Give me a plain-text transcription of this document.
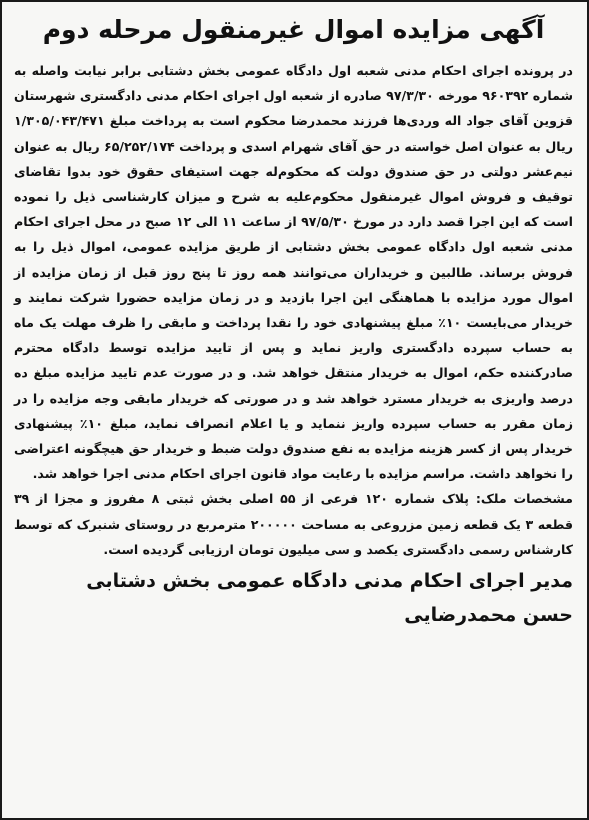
آگهی مزایده اموال غیرمنقول مرحله دوم

در پرونده اجرای احکام مدنی شعبه اول دادگاه عمومی بخش دشتابی برابر نیابت واصله به شماره ۹۶۰۳۹۲ مورخه ۹۷/۳/۳۰ صادره از شعبه اول اجرای احکام مدنی دادگستری شهرستان قزوین آقای جواد اله وردی‌ها فرزند محمدرضا محکوم است به پرداخت مبلغ ۱/۳۰۵/۰۴۳/۴۷۱ ریال به عنوان اصل خواسته در حق آقای شهرام اسدی و پرداخت ۶۵/۲۵۲/۱۷۴ ریال به عنوان نیم‌عشر دولتی در حق صندوق دولت که محکوم‌له جهت استیفای حقوق خود بدوا تقاضای توقیف و فروش اموال غیرمنقول محکوم‌علیه به شرح و میزان کارشناسی ذیل را نموده است که این اجرا قصد دارد در مورخ ۹۷/۵/۳۰ از ساعت ۱۱ الی ۱۲ صبح در محل اجرای احکام مدنی شعبه اول دادگاه عمومی بخش دشتابی از طریق مزایده عمومی، اموال ذیل را به فروش برساند. طالبین و خریداران می‌توانند همه روز تا پنج روز قبل از زمان مزایده از اموال مورد مزایده با هماهنگی این اجرا بازدید و در زمان مزایده حضورا شرکت نمایند و خریدار می‌بایست ۱۰٪ مبلغ پیشنهادی خود را نقدا پرداخت و مابقی را ظرف مهلت یک ماه به حساب سپرده دادگستری واریز نماید و پس از تایید مزایده توسط دادگاه محترم صادرکننده حکم، اموال به خریدار منتقل خواهد شد. و در صورت عدم تایید مزایده مبلغ ده درصد واریزی به خریدار مسترد خواهد شد و در صورتی که خریدار مابقی وجه مزایده را در زمان مقرر به حساب سپرده واریز ننماید و یا اعلام انصراف نماید، مبلغ ۱۰٪ پیشنهادی خریدار پس از کسر هزینه مزایده به نفع صندوق دولت ضبط و خریدار حق هیچگونه اعتراضی را نخواهد داشت. مراسم مزایده با رعایت مواد قانون اجرای احکام مدنی اجرا خواهد شد.

مشخصات ملک: پلاک شماره ۱۲۰ فرعی از ۵۵ اصلی بخش ثبتی ۸ مفروز و مجزا از ۳۹ قطعه ۳ یک قطعه زمین مزروعی به مساحت ۲۰۰۰۰۰ مترمربع در روستای شنبرک که توسط کارشناس رسمی دادگستری یکصد و سی میلیون تومان ارزیابی گردیده است.

مدیر اجرای احکام مدنی دادگاه عمومی بخش دشتابی
حسن محمدرضایی
